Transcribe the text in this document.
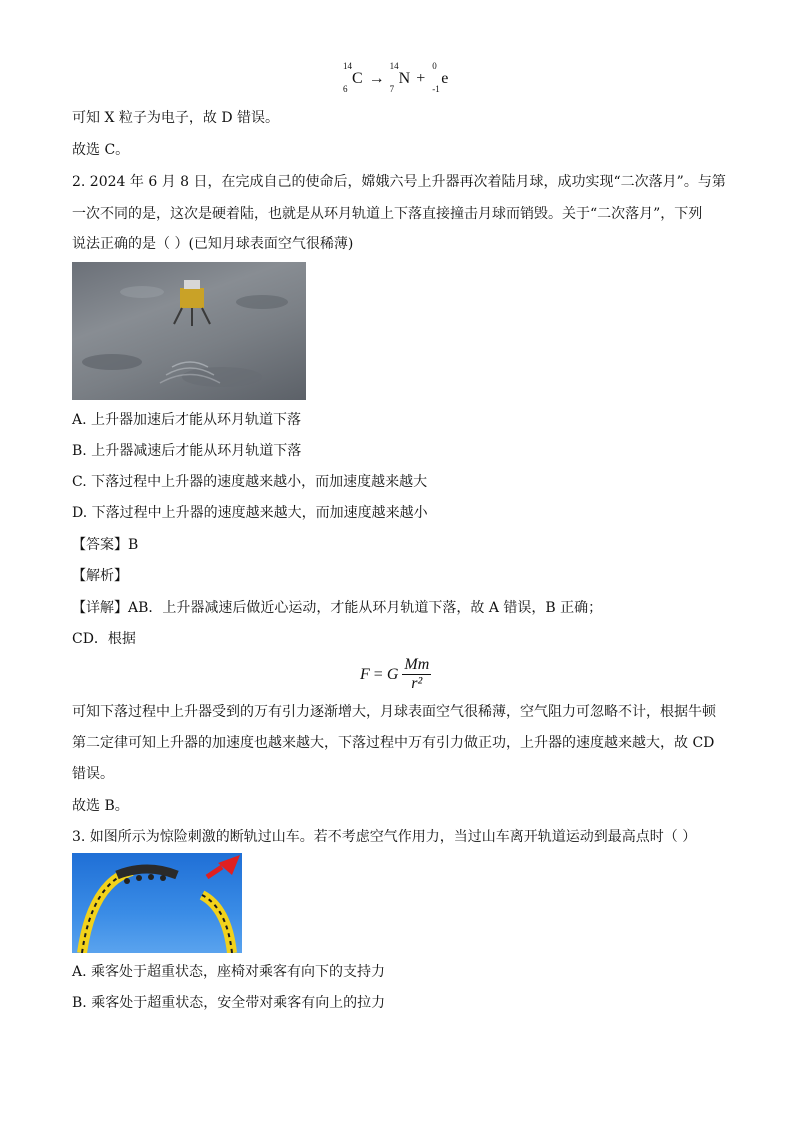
14
6
C →
14
7
N +
0
-1
e
可知 X 粒子为电子，故 D 错误。
故选 C。
2. 2024 年 6 月 8 日，在完成自己的使命后，嫦娥六号上升器再次着陆月球，成功实现“二次落月”。与第
一次不同的是，这次是硬着陆，也就是从环月轨道上下落直接撞击月球而销毁。关于“二次落月”，下列
说法正确的是（ ）(已知月球表面空气很稀薄)
A. 上升器加速后才能从环月轨道下落
B. 上升器减速后才能从环月轨道下落
C. 下落过程中上升器的速度越来越小，而加速度越来越大
D. 下落过程中上升器的速度越来越大，而加速度越来越小
【答案】B
【解析】
【详解】AB．上升器减速后做近心运动，才能从环月轨道下落，故 A 错误，B 正确；
CD．根据
F = G $\frac{Mm}{\text{r²}}$
可知下落过程中上升器受到的万有引力逐渐增大，月球表面空气很稀薄，空气阻力可忽略不计，根据牛顿
第二定律可知上升器的加速度也越来越大，下落过程中万有引力做正功，上升器的速度越来越大，故 CD
错误。
故选 B。
3. 如图所示为惊险刺激的断轨过山车。若不考虑空气作用力，当过山车离开轨道运动到最高点时（ ）
A. 乘客处于超重状态，座椅对乘客有向下的支持力
B. 乘客处于超重状态，安全带对乘客有向上的拉力
